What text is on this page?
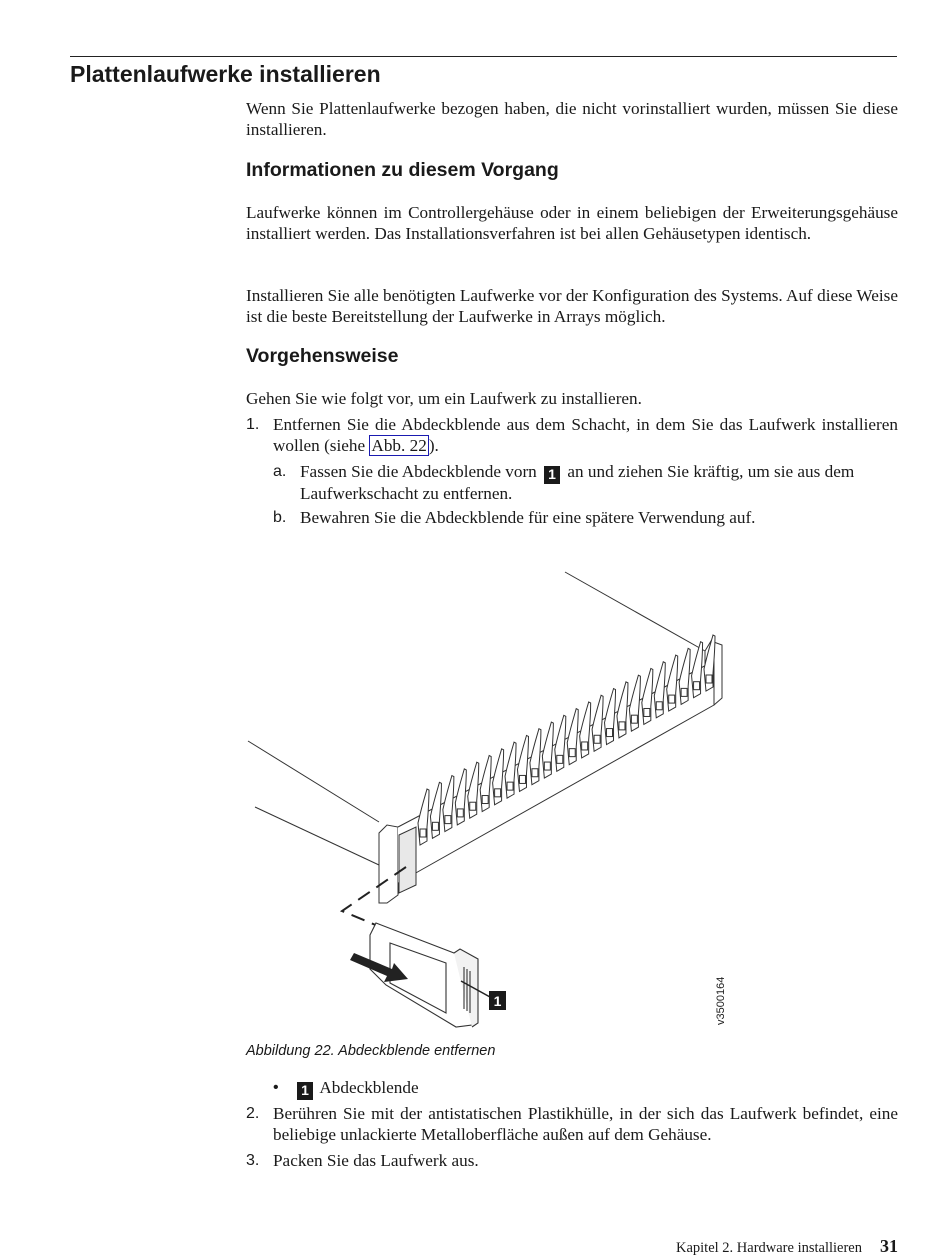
Plattenlaufwerke installieren

Wenn Sie Plattenlaufwerke bezogen haben, die nicht vorinstalliert wurden, müssen Sie diese installieren.

Informationen zu diesem Vorgang

Laufwerke können im Controllergehäuse oder in einem beliebigen der Erweiterungsgehäuse installiert werden. Das Installationsverfahren ist bei allen Gehäusetypen identisch.

Installieren Sie alle benötigten Laufwerke vor der Konfiguration des Systems. Auf diese Weise ist die beste Bereitstellung der Laufwerke in Arrays möglich.

Vorgehensweise

Gehen Sie wie folgt vor, um ein Laufwerk zu installieren.

1. Entfernen Sie die Abdeckblende aus dem Schacht, in dem Sie das Laufwerk installieren wollen (siehe Abb. 22 ).

a. Fassen Sie die Abdeckblende vorn 1 an und ziehen Sie kräftig, um sie aus dem Laufwerkschacht zu entfernen.

b. Bewahren Sie die Abdeckblende für eine spätere Verwendung auf.

1	v3500164

Abbildung 22. Abdeckblende entfernen

•	1 Abdeckblende

2. Berühren Sie mit der antistatischen Plastikhülle, in der sich das Laufwerk befindet, eine beliebige unlackierte Metalloberfläche außen auf dem Gehäuse.

3. Packen Sie das Laufwerk aus.

Kapitel 2. Hardware installieren 31
